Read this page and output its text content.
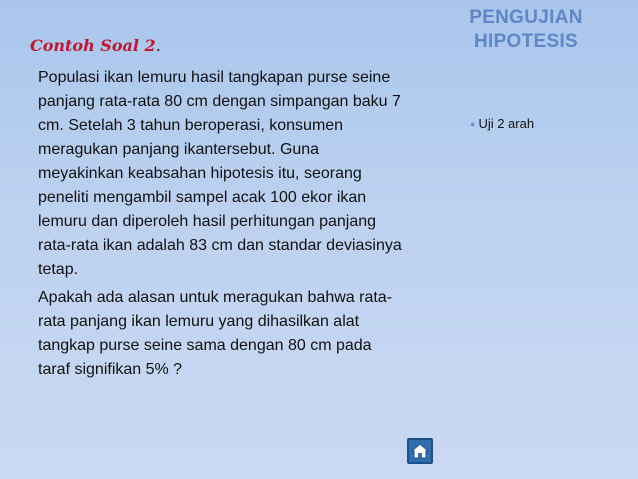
Contoh Soal 2.
PENGUJIAN
HIPOTESIS

Populasi ikan lemuru hasil tangkapan purse seine
panjang rata-rata 80 cm dengan simpangan baku 7
cm. Setelah 3 tahun beroperasi, konsumen
meragukan panjang ikantersebut. Guna
meyakinkan keabsahan hipotesis itu, seorang
peneliti mengambil sampel acak 100 ekor ikan
lemuru dan diperoleh hasil perhitungan panjang
rata-rata ikan adalah 83 cm dan standar deviasinya
tetap.

Apakah ada alasan untuk meragukan bahwa rata-
rata panjang ikan lemuru yang dihasilkan alat
tangkap purse seine sama dengan 80 cm pada
taraf signifikan 5% ?

● Uji 2 arah
